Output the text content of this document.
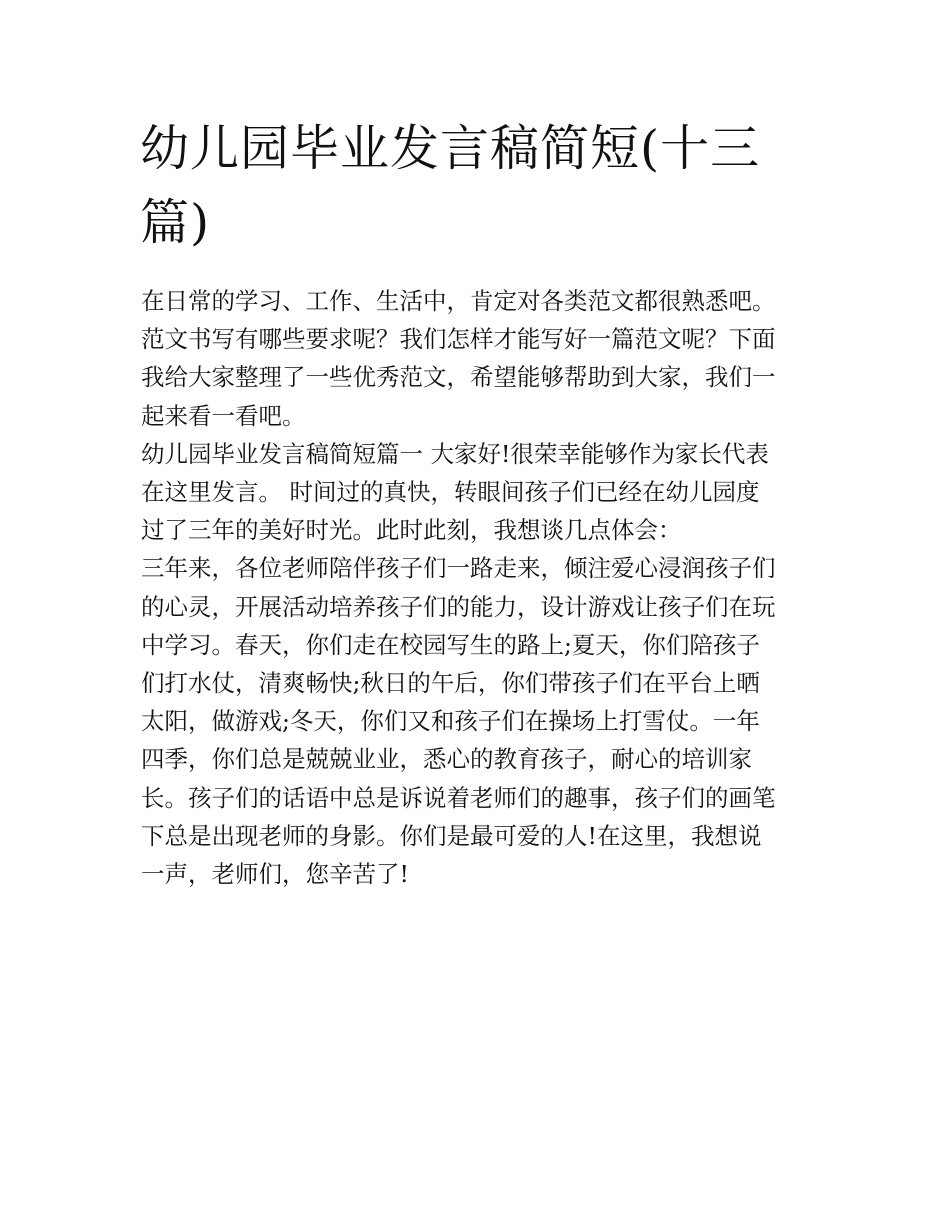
幼儿园毕业发言稿简短(十三
篇)

在日常的学习、工作、生活中，肯定对各类范文都很熟悉吧。
范文书写有哪些要求呢？我们怎样才能写好一篇范文呢？下面
我给大家整理了一些优秀范文，希望能够帮助到大家，我们一
起来看一看吧。

幼儿园毕业发言稿简短篇一 大家好!很荣幸能够作为家长代表
在这里发言。 时间过的真快，转眼间孩子们已经在幼儿园度
过了三年的美好时光。此时此刻，我想谈几点体会：

三年来，各位老师陪伴孩子们一路走来，倾注爱心浸润孩子们
的心灵，开展活动培养孩子们的能力，设计游戏让孩子们在玩
中学习。春天，你们走在校园写生的路上;夏天，你们陪孩子
们打水仗，清爽畅快;秋日的午后，你们带孩子们在平台上晒
太阳，做游戏;冬天，你们又和孩子们在操场上打雪仗。一年
四季，你们总是兢兢业业，悉心的教育孩子，耐心的培训家
长。孩子们的话语中总是诉说着老师们的趣事，孩子们的画笔
下总是出现老师的身影。你们是最可爱的人!在这里，我想说
一声，老师们，您辛苦了!
